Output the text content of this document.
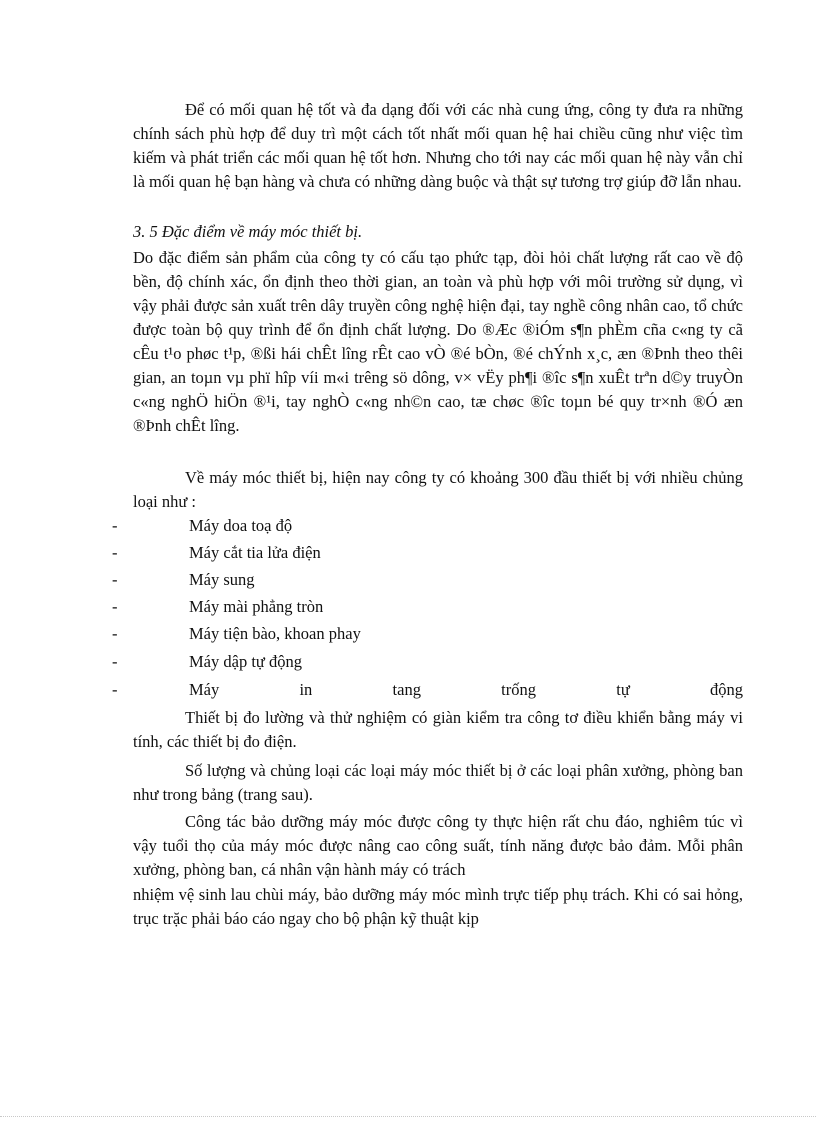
Để có mối quan hệ tốt và đa dạng đối với các nhà cung ứng, công ty đưa ra những chính sách phù hợp để duy trì một cách tốt nhất mối quan hệ hai chiều cũng như việc tìm kiếm và phát triển các mối quan hệ tốt hơn. Nhưng cho tới nay các mối quan hệ này vẫn chỉ là mối quan hệ bạn hàng và chưa có những dàng buộc và thật sự tương trợ giúp đỡ lẫn nhau.

3. 5 Đặc điểm về máy móc thiết bị.

Do đặc điểm sản phẩm của công ty có cấu tạo phức tạp, đòi hỏi chất lượng rất cao về độ bền, độ chính xác, ổn định theo thời gian, an toàn và phù hợp với môi trường sử dụng, vì vậy phải được sản xuất trên dây truyền công nghệ hiện đại, tay nghề công nhân cao, tổ chức được toàn bộ quy trình để ổn định chất lượng. Do ®Æc ®iÓm s¶n phÈm cña c«ng ty cã cÊu t¹o phøc t¹p, ®ßi hái chÊt lîng rÊt cao vÒ ®é bÒn, ®é chÝnh x¸c, æn ®Þnh theo thêi gian, an toµn vµ phï hîp víi m«i trêng sö dông, v× vËy ph¶i ®îc s¶n xuÊt trªn d©y truyÒn c«ng nghÖ hiÖn ®¹i, tay nghÒ c«ng nh©n cao, tæ chøc ®îc toµn bé quy tr×nh ®Ó æn ®Þnh chÊt lîng.

Về máy móc thiết bị, hiện nay công ty có khoảng 300 đầu thiết bị với nhiều chủng loại như :

-	Máy doa toạ độ
-	Máy cắt tia lửa điện
-	Máy sung
-	Máy mài phẳng tròn
-	Máy tiện bào, khoan phay
-	Máy dập tự động
-	Máy	in	tang	trống	tự	động

Thiết bị đo lường và thử nghiệm có giàn kiểm tra công tơ điều khiển bằng máy vi tính, các thiết bị đo điện.

Số lượng và chủng loại các loại máy móc thiết bị ở các loại phân xưởng, phòng ban như trong bảng (trang sau).

Công tác bảo dưỡng máy móc được công ty thực hiện rất chu đáo, nghiêm túc vì vậy tuổi thọ của máy móc được nâng cao công suất, tính năng được bảo đảm. Mỗi phân xưởng, phòng ban, cá nhân vận hành máy có trách

nhiệm vệ sinh lau chùi máy, bảo dưỡng máy móc mình trực tiếp phụ trách. Khi có sai hỏng, trục trặc phải báo cáo ngay cho bộ phận kỹ thuật kịp
